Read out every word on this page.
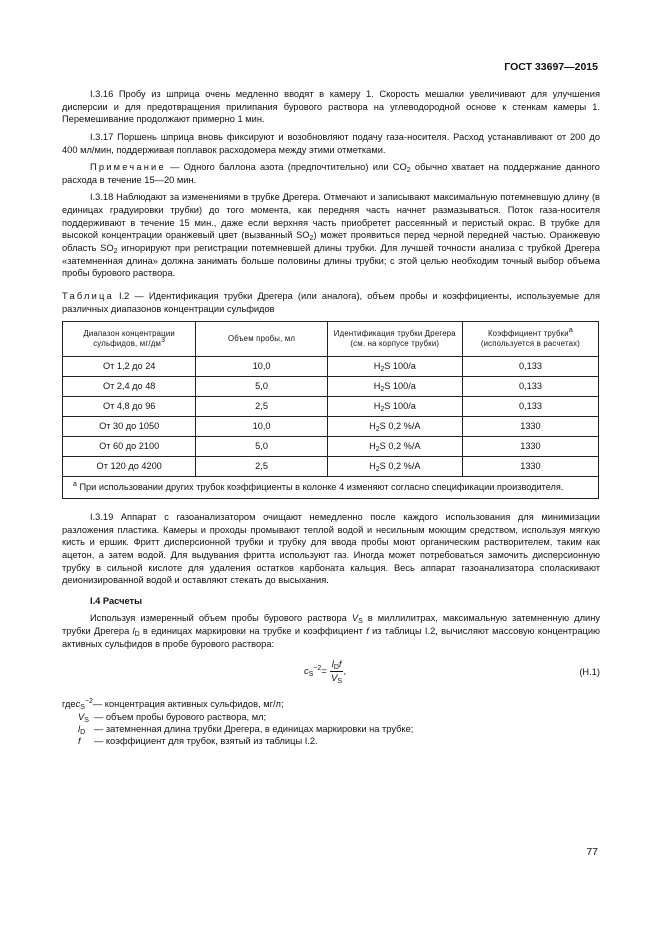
ГОСТ 33697—2015

I.3.16 Пробу из шприца очень медленно вводят в камеру 1. Скорость мешалки увеличивают для улучшения дисперсии и для предотвращения прилипания бурового раствора на углеводородной основе к стенкам камеры 1. Перемешивание продолжают примерно 1 мин.

I.3.17 Поршень шприца вновь фиксируют и возобновляют подачу газа-носителя. Расход устанавливают от 200 до 400 мл/мин, поддерживая поплавок расходомера между этими отметками.

Примечание — Одного баллона азота (предпочтительно) или $CO_2$ обычно хватает на поддержание данного расхода в течение 15—20 мин.

I.3.18 Наблюдают за изменениями в трубке Дрегера. Отмечают и записывают максимальную потемневшую длину (в единицах градуировки трубки) до того момента, как передняя часть начнет размазываться. Поток газа-носителя поддерживают в течение 15 мин., даже если верхняя часть приобретет рассеянный и перистый окрас. В трубке для высокой концентрации оранжевый цвет (вызванный $SO_2$) может проявиться перед черной передней частью. Оранжевую область $SO_2$ игнорируют при регистрации потемневшей длины трубки. Для лучшей точности анализа с трубкой Дрегера «затемненная длина» должна занимать больше половины длины трубки; с этой целью необходим точный выбор объема пробы бурового раствора.

Таблица I.2 — Идентификация трубки Дрегера (или аналога), объем пробы и коэффициенты, используемые для различных диапазонов концентрации сульфидов

Диапазон концентрации сульфидов, $мг/дм^3$	Объем пробы, мл	Идентификация трубки Дрегера (см. на корпусе трубки)	Коэффициент трубки$^a$
(используется в расчетах)
От 1,2 до 24	10,0	$H_2S$ 100/a	0,133
От 2,4 до 48	5,0	$H_2S$ 100/a	0,133
От 4,8 до 96	2,5	$H_2S$ 100/a	0,133
От 30 до 1050	10,0	$H_2S$ 0,2 %/A	1330
От 60 до 2100	5,0	$H_2S$ 0,2 %/A	1330
От 120 до 4200	2,5	$H_2S$ 0,2 %/A	1330
$^a$ При использовании других трубок коэффициенты в колонке 4 изменяют согласно спецификации производителя.			

I.3.19 Аппарат с газоанализатором очищают немедленно после каждого использования для минимизации разложения пластика. Камеры и проходы промывают теплой водой и несильным моющим средством, используя мягкую кисть и ершик. Фритт дисперсионной трубки и трубку для ввода пробы моют органическим растворителем, таким как ацетон, а затем водой. Для выдувания фритта используют газ. Иногда может потребоваться замочить дисперсионную трубку в сильной кислоте для удаления остатков карбоната кальция. Весь аппарат газоанализатора споласкивают деионизированной водой и оставляют стекать до высыхания.

I.4 Расчеты

Используя измеренный объем пробы бурового раствора $V_S$ в миллилитрах, максимальную затемненную длину трубки Дрегера $l_D$ в единицах маркировки на трубке и коэффициент f из таблицы I.2, вычисляют массовую концентрацию активных сульфидов в пробе бурового раствора:

$c_S^{-2} = \frac{l_Df}{V_S}$ ,	(H.1)
где $c_S^{-2}$ — концентрация активных сульфидов, мг/л;
$V_S$ — объем пробы бурового раствора, мл;
$l_D$ — затемненная длина трубки Дрегера, в единицах маркировки на трубке;
f	— коэффициент для трубок, взятый из таблицы I.2.
77
